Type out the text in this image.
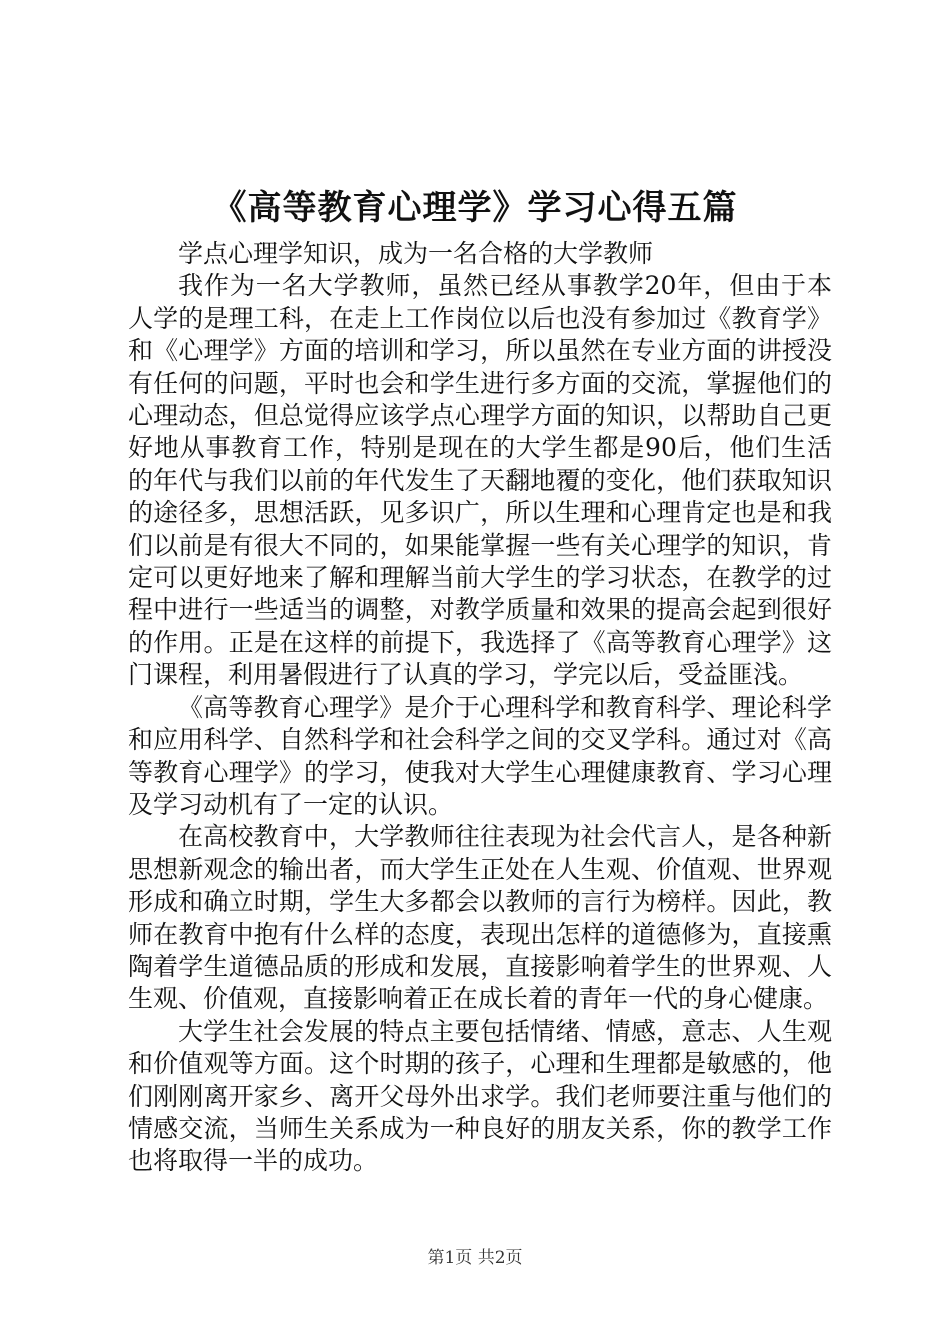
《高等教育心理学》学习心得五篇

学点心理学知识，成为一名合格的大学教师

我作为一名大学教师，虽然已经从事教学20年，但由于本人学的是理工科，在走上工作岗位以后也没有参加过《教育学》和《心理学》方面的培训和学习，所以虽然在专业方面的讲授没有任何的问题，平时也会和学生进行多方面的交流，掌握他们的心理动态，但总觉得应该学点心理学方面的知识，以帮助自己更好地从事教育工作，特别是现在的大学生都是90后，他们生活的年代与我们以前的年代发生了天翻地覆的变化，他们获取知识的途径多，思想活跃，见多识广，所以生理和心理肯定也是和我们以前是有很大不同的，如果能掌握一些有关心理学的知识，肯定可以更好地来了解和理解当前大学生的学习状态，在教学的过程中进行一些适当的调整，对教学质量和效果的提高会起到很好的作用。正是在这样的前提下，我选择了《高等教育心理学》这门课程，利用暑假进行了认真的学习，学完以后，受益匪浅。

《高等教育心理学》是介于心理科学和教育科学、理论科学和应用科学、自然科学和社会科学之间的交叉学科。通过对《高等教育心理学》的学习，使我对大学生心理健康教育、学习心理及学习动机有了一定的认识。

在高校教育中，大学教师往往表现为社会代言人，是各种新思想新观念的输出者，而大学生正处在人生观、价值观、世界观形成和确立时期，学生大多都会以教师的言行为榜样。因此，教师在教育中抱有什么样的态度，表现出怎样的道德修为，直接熏陶着学生道德品质的形成和发展，直接影响着学生的世界观、人生观、价值观，直接影响着正在成长着的青年一代的身心健康。

大学生社会发展的特点主要包括情绪、情感，意志、人生观和价值观等方面。这个时期的孩子，心理和生理都是敏感的，他们刚刚离开家乡、离开父母外出求学。我们老师要注重与他们的情感交流，当师生关系成为一种良好的朋友关系，你的教学工作也将取得一半的成功。

第1页 共2页
